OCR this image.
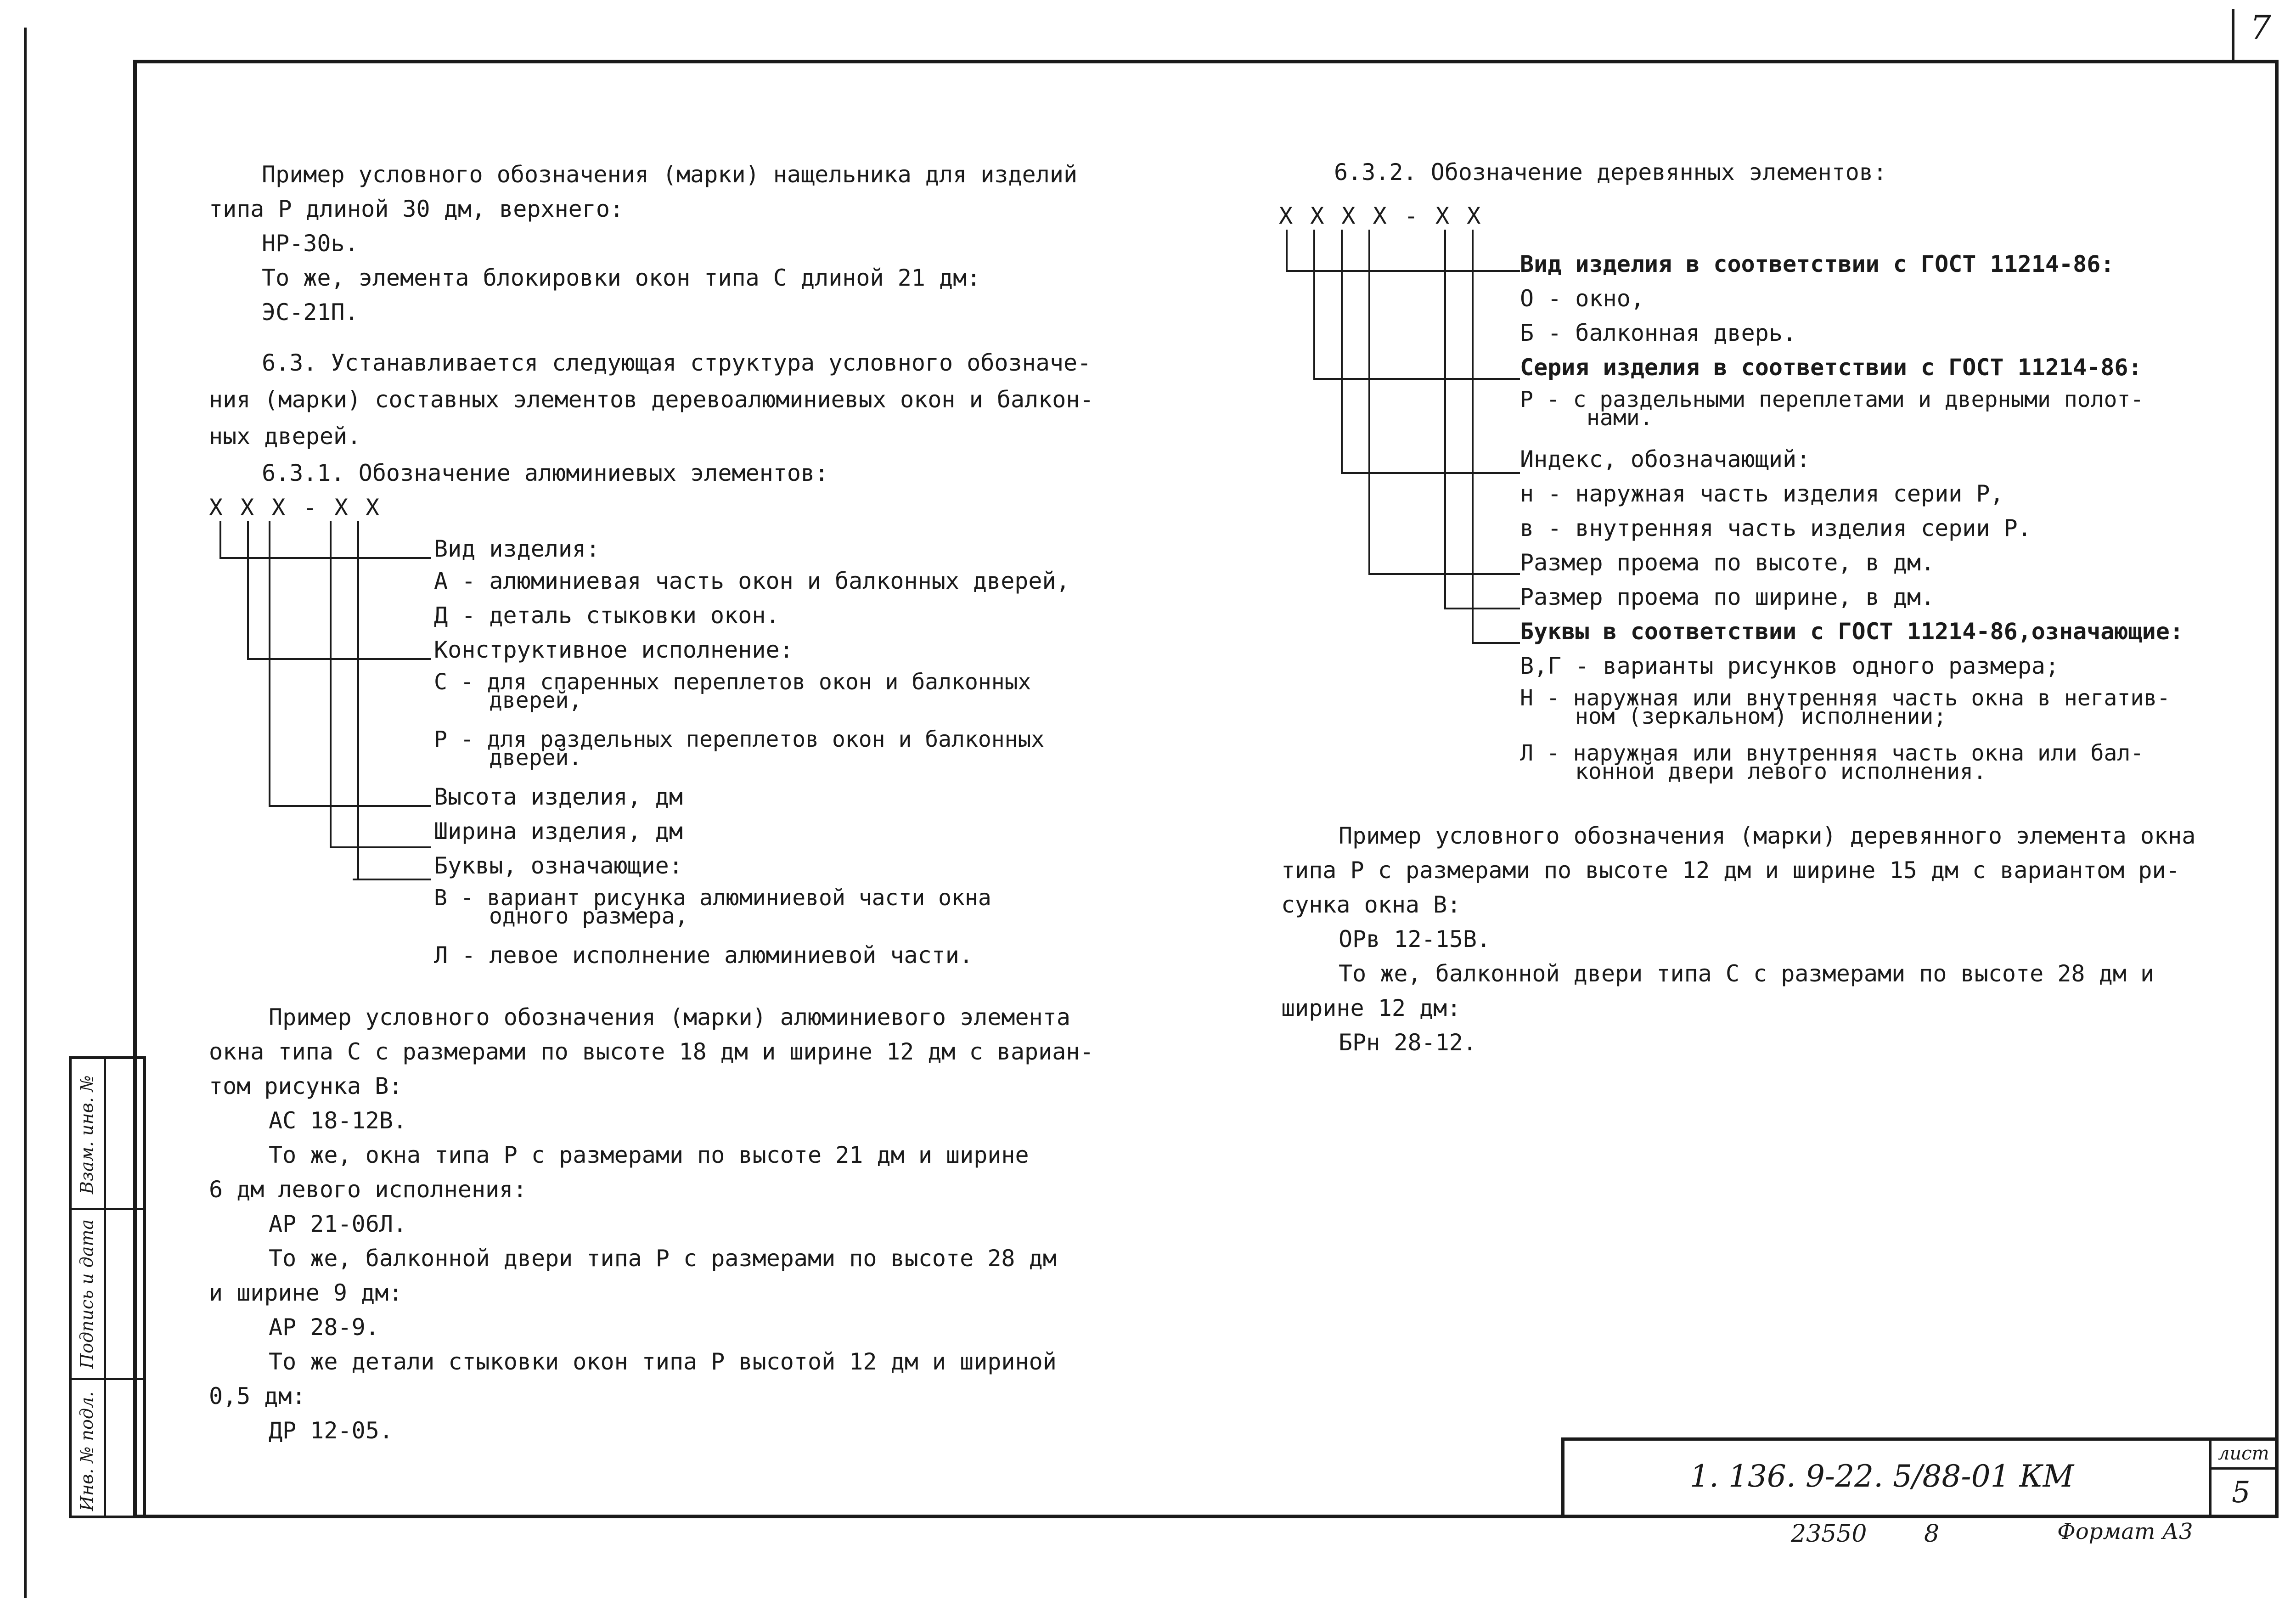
7
Взам. инв. №
Подпись и дата
Инв. № подл.
Пример условного обозначения (марки) нащельника для изделий
типа Р длиной 30 дм, верхнего:
НР-30ь.
То же, элемента блокировки окон типа С длиной 21 дм:
ЭС-21П.
6.3. Устанавливается следующая структура условного обозначе-
ния (марки) составных элементов деревоалюминиевых окон и балкон-
ных дверей.
6.3.1. Обозначение алюминиевых элементов:
X X X - X X
Вид изделия:
А - алюминиевая часть окон и балконных дверей,
Д - деталь стыковки окон.
Конструктивное исполнение:
С - для спаренных переплетов окон и балконных
дверей,
Р - для раздельных переплетов окон и балконных
дверей.
Высота изделия, дм
Ширина изделия, дм
Буквы, означающие:
В - вариант рисунка алюминиевой части окна
одного размера,
Л - левое исполнение алюминиевой части.
Пример условного обозначения (марки) алюминиевого элемента
окна типа С с размерами по высоте 18 дм и ширине 12 дм с вариан-
том рисунка В:
АС 18-12В.
То же, окна типа Р с размерами по высоте 21 дм и ширине
6 дм левого исполнения:
АР 21-06Л.
То же, балконной двери типа Р с размерами по высоте 28 дм
и ширине 9 дм:
АР 28-9.
То же детали стыковки окон типа Р высотой 12 дм и шириной
0,5 дм:
ДР 12-05.
6.3.2. Обозначение деревянных элементов:
X X X X - X X
Вид изделия в соответствии с ГОСТ 11214-86:
О - окно,
Б - балконная дверь.
Серия изделия в соответствии с ГОСТ 11214-86:
Р - с раздельными переплетами и дверными полот-
нами.
Индекс, обозначающий:
н - наружная часть изделия серии Р,
в - внутренняя часть изделия серии Р.
Размер проема по высоте, в дм.
Размер проема по ширине, в дм.
Буквы в соответствии с ГОСТ 11214-86,означающие:
В,Г - варианты рисунков одного размера;
Н - наружная или внутренняя часть окна в негатив-
ном (зеркальном) исполнении;
Л - наружная или внутренняя часть окна или бал-
конной двери левого исполнения.
Пример условного обозначения (марки) деревянного элемента окна
типа Р с размерами по высоте 12 дм и ширине 15 дм с вариантом ри-
сунка окна В:
ОРв 12-15В.
То же, балконной двери типа С с размерами по высоте 28 дм и
ширине 12 дм:
БРн 28-12.
1. 136. 9-22. 5/88-01 КМ
лист
5
23550 8	Формат А3
